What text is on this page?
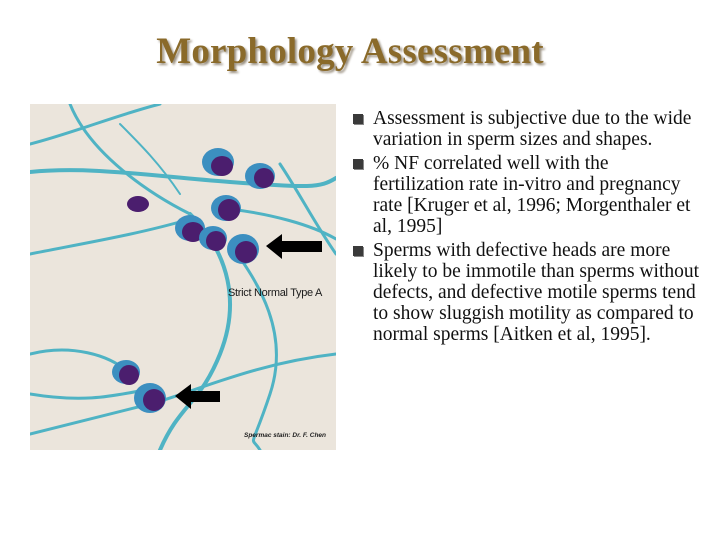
Morphology Assessment
Strict Normal Type A
Spermac stain: Dr. F. Chen
Assessment is subjective due to the wide variation in sperm sizes and shapes.
% NF correlated well with the fertilization rate in-vitro and pregnancy rate [Kruger et al, 1996; Morgenthaler et al, 1995]
Sperms with defective heads are more likely to be immotile than sperms without defects, and defective motile sperms tend to show sluggish motility as compared to normal sperms [Aitken et al, 1995].
